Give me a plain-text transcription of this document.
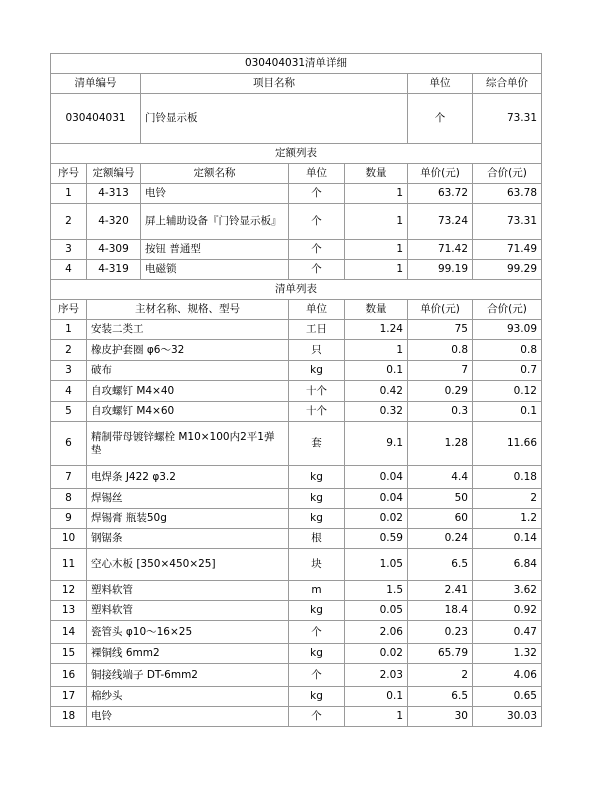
030404031清单详细						
清单编号		项目名称			单位	综合单价
030404031		门铃显示板			个	73.31
定额列表						
序号	定额编号	定额名称	单位	数量	单价(元)	合价(元)
1	4-313	电铃	个	1	63.72	63.78
2	4-320	屏上辅助设备『门铃显示板』	个	1	73.24	73.31
3	4-309	按钮 普通型	个	1	71.42	71.49
4	4-319	电磁锁	个	1	99.19	99.29
清单列表						
序号	主材名称、规格、型号		单位	数量	单价(元)	合价(元)
1	安装二类工		工日	1.24	75	93.09
2	橡皮护套圈 φ6～32		只	1	0.8	0.8
3	破布		kg	0.1	7	0.7
4	自攻螺钉 M4×40		十个	0.42	0.29	0.12
5	自攻螺钉 M4×60		十个	0.32	0.3	0.1
6	精制带母镀锌螺栓 M10×100内2平1弹垫		套	9.1	1.28	11.66
7	电焊条 J422 φ3.2		kg	0.04	4.4	0.18
8	焊锡丝		kg	0.04	50	2
9	焊锡膏 瓶装50g		kg	0.02	60	1.2
10	钢锯条		根	0.59	0.24	0.14
11	空心木板 [350×450×25]		块	1.05	6.5	6.84
12	塑料软管		m	1.5	2.41	3.62
13	塑料软管		kg	0.05	18.4	0.92
14	瓷管头 φ10～16×25		个	2.06	0.23	0.47
15	裸铜线 6mm2		kg	0.02	65.79	1.32
16	铜接线端子 DT-6mm2		个	2.03	2	4.06
17	棉纱头		kg	0.1	6.5	0.65
18	电铃		个	1	30	30.03
